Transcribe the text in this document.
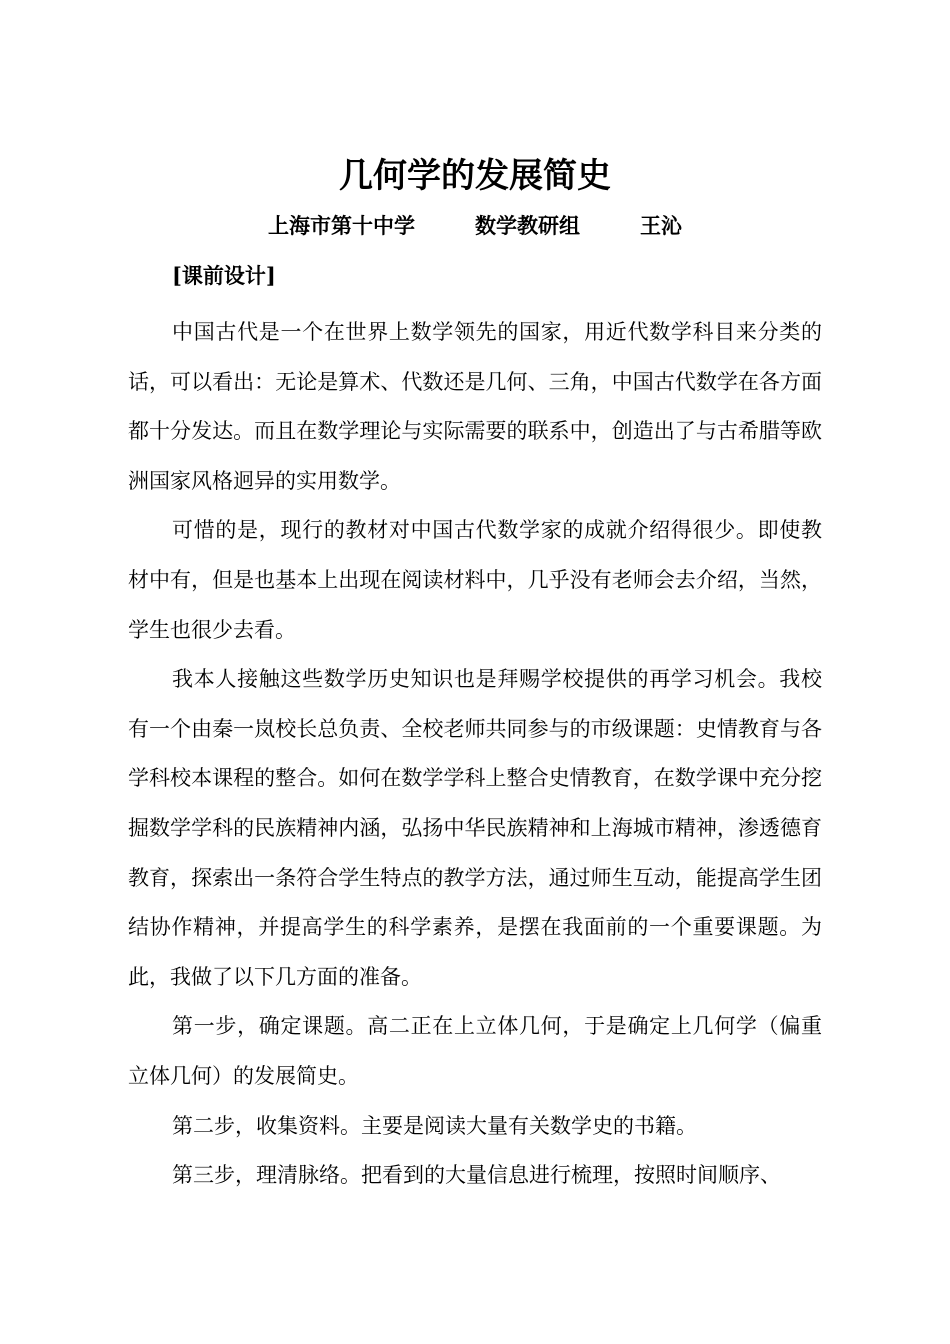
几何学的发展简史
上海市第十中学	数学教研组	王沁
[课前设计]

中国古代是一个在世界上数学领先的国家，用近代数学科目来分类的话，可以看出：无论是算术、代数还是几何、三角，中国古代数学在各方面都十分发达。而且在数学理论与实际需要的联系中，创造出了与古希腊等欧洲国家风格迥异的实用数学。

可惜的是，现行的教材对中国古代数学家的成就介绍得很少。即使教材中有，但是也基本上出现在阅读材料中，几乎没有老师会去介绍，当然，学生也很少去看。

我本人接触这些数学历史知识也是拜赐学校提供的再学习机会。我校有一个由秦一岚校长总负责、全校老师共同参与的市级课题：史情教育与各学科校本课程的整合。如何在数学学科上整合史情教育，在数学课中充分挖掘数学学科的民族精神内涵，弘扬中华民族精神和上海城市精神，渗透德育教育，探索出一条符合学生特点的教学方法，通过师生互动，能提高学生团结协作精神，并提高学生的科学素养，是摆在我面前的一个重要课题。为此，我做了以下几方面的准备。

第一步，确定课题。高二正在上立体几何，于是确定上几何学（偏重立体几何）的发展简史。

第二步，收集资料。主要是阅读大量有关数学史的书籍。

第三步，理清脉络。把看到的大量信息进行梳理，按照时间顺序、
